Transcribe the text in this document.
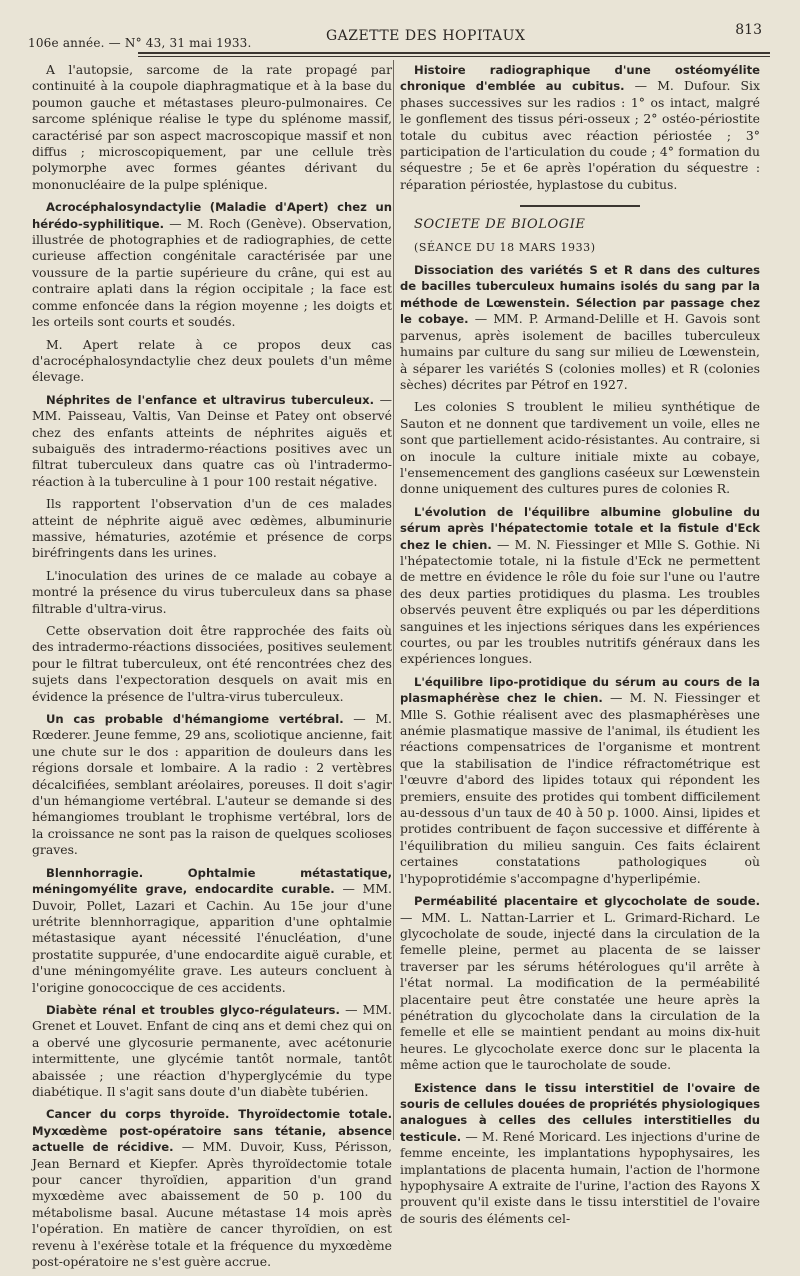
106e année. — N° 43, 31 mai 1933.	GAZETTE DES HOPITAUX	813

A l'autopsie, sarcome de la rate propagé par continuité à la coupole diaphragmatique et à la base du poumon gauche et métastases pleuro-pulmonaires. Ce sarcome splénique réalise le type du splénome massif, caractérisé par son aspect macroscopique massif et non diffus ; microscopiquement, par une cellule très polymorphe avec formes géantes dérivant du mononucléaire de la pulpe splénique.

Acrocéphalosyndactylie (Maladie d'Apert) chez un hérédo-syphilitique. — M. Roch (Genève). Observation, illustrée de photographies et de radiographies, de cette curieuse affection congénitale caractérisée par une voussure de la partie supérieure du crâne, qui est au contraire aplati dans la région occipitale ; la face est comme enfoncée dans la région moyenne ; les doigts et les orteils sont courts et soudés.

M. Apert relate à ce propos deux cas d'acrocéphalosyndactylie chez deux poulets d'un même élevage.

Néphrites de l'enfance et ultravirus tuberculeux. — MM. Paisseau, Valtis, Van Deinse et Patey ont observé chez des enfants atteints de néphrites aiguës et subaiguës des intradermo-réactions positives avec un filtrat tuberculeux dans quatre cas où l'intradermo-réaction à la tuberculine à 1 pour 100 restait négative.

Ils rapportent l'observation d'un de ces malades atteint de néphrite aiguë avec œdèmes, albuminurie massive, hématuries, azotémie et présence de corps biréfringents dans les urines.

L'inoculation des urines de ce malade au cobaye a montré la présence du virus tuberculeux dans sa phase filtrable d'ultra-virus.

Cette observation doit être rapprochée des faits où des intradermo-réactions dissociées, positives seulement pour le filtrat tuberculeux, ont été rencontrées chez des sujets dans l'expectoration desquels on avait mis en évidence la présence de l'ultra-virus tuberculeux.

Un cas probable d'hémangiome vertébral. — M. Rœderer. Jeune femme, 29 ans, scoliotique ancienne, fait une chute sur le dos : apparition de douleurs dans les régions dorsale et lombaire. A la radio : 2 vertèbres décalcifiées, semblant aréolaires, poreuses. Il doit s'agir d'un hémangiome vertébral. L'auteur se demande si des hémangiomes troublant le trophisme vertébral, lors de la croissance ne sont pas la raison de quelques scolioses graves.

Blennhorragie. Ophtalmie métastatique, méningomyélite grave, endocardite curable. — MM. Duvoir, Pollet, Lazari et Cachin. Au 15e jour d'une urétrite blennhorragique, apparition d'une ophtalmie métastasique ayant nécessité l'énucléation, d'une prostatite suppurée, d'une endocardite aiguë curable, et d'une méningomyélite grave. Les auteurs concluent à l'origine gonococcique de ces accidents.

Diabète rénal et troubles glyco-régulateurs. — MM. Grenet et Louvet. Enfant de cinq ans et demi chez qui on a obervé une glycosurie permanente, avec acétonurie intermittente, une glycémie tantôt normale, tantôt abaissée ; une réaction d'hyperglycémie du type diabétique. Il s'agit sans doute d'un diabète tubérien.

Cancer du corps thyroïde. Thyroïdectomie totale. Myxœdème post-opératoire sans tétanie, absence actuelle de récidive. — MM. Duvoir, Kuss, Périsson, Jean Bernard et Kiepfer. Après thyroïdectomie totale pour cancer thyroïdien, apparition d'un grand myxœdème avec abaissement de 50 p. 100 du métabolisme basal. Aucune métastase 14 mois après l'opération. En matière de cancer thyroïdien, on est revenu à l'exérèse totale et la fréquence du myxœdème post-opératoire ne s'est guère accrue.

Histoire radiographique d'une ostéomyélite chronique d'emblée au cubitus. — M. Dufour. Six phases successives sur les radios : 1° os intact, malgré le gonflement des tissus péri-osseux ; 2° ostéo-périostite totale du cubitus avec réaction périostée ; 3° participation de l'articulation du coude ; 4° formation du séquestre ; 5e et 6e après l'opération du séquestre : réparation périostée, hyplastose du cubitus.

SOCIETE DE BIOLOGIE

(SÉANCE DU 18 MARS 1933)

Dissociation des variétés S et R dans des cultures de bacilles tuberculeux humains isolés du sang par la méthode de Lœwenstein. Sélection par passage chez le cobaye. — MM. P. Armand-Delille et H. Gavois sont parvenus, après isolement de bacilles tuberculeux humains par culture du sang sur milieu de Lœwenstein, à séparer les variétés S (colonies molles) et R (colonies sèches) décrites par Pétrof en 1927.

Les colonies S troublent le milieu synthétique de Sauton et ne donnent que tardivement un voile, elles ne sont que partiellement acido-résistantes. Au contraire, si on inocule la culture initiale mixte au cobaye, l'ensemencement des ganglions caséeux sur Lœwenstein donne uniquement des cultures pures de colonies R.

L'évolution de l'équilibre albumine globuline du sérum après l'hépatectomie totale et la fistule d'Eck chez le chien. — M. N. Fiessinger et Mlle S. Gothie. Ni l'hépatectomie totale, ni la fistule d'Eck ne permettent de mettre en évidence le rôle du foie sur l'une ou l'autre des deux parties protidiques du plasma. Les troubles observés peuvent être expliqués ou par les déperditions sanguines et les injections sériques dans les expériences courtes, ou par les troubles nutritifs généraux dans les expériences longues.

L'équilibre lipo-protidique du sérum au cours de la plasmaphérèse chez le chien. — M. N. Fiessinger et Mlle S. Gothie réalisent avec des plasmaphérèses une anémie plasmatique massive de l'animal, ils étudient les réactions compensatrices de l'organisme et montrent que la stabilisation de l'indice réfractométrique est l'œuvre d'abord des lipides totaux qui répondent les premiers, ensuite des protides qui tombent difficilement au-dessous d'un taux de 40 à 50 p. 1000. Ainsi, lipides et protides contribuent de façon successive et différente à l'équilibration du milieu sanguin. Ces faits éclairent certaines constatations pathologiques où l'hypoprotidémie s'accompagne d'hyperlipémie.

Perméabilité placentaire et glycocholate de soude. — MM. L. Nattan-Larrier et L. Grimard-Richard. Le glycocholate de soude, injecté dans la circulation de la femelle pleine, permet au placenta de se laisser traverser par les sérums hétérologues qu'il arrête à l'état normal. La modification de la perméabilité placentaire peut être constatée une heure après la pénétration du glycocholate dans la circulation de la femelle et elle se maintient pendant au moins dix-huit heures. Le glycocholate exerce donc sur le placenta la même action que le taurocholate de soude.

Existence dans le tissu interstitiel de l'ovaire de souris de cellules douées de propriétés physiologiques analogues à celles des cellules interstitielles du testicule. — M. René Moricard. Les injections d'urine de femme enceinte, les implantations hypophysaires, les implantations de placenta humain, l'action de l'hormone hypophysaire A extraite de l'urine, l'action des Rayons X prouvent qu'il existe dans le tissu interstitiel de l'ovaire de souris des éléments cel-
